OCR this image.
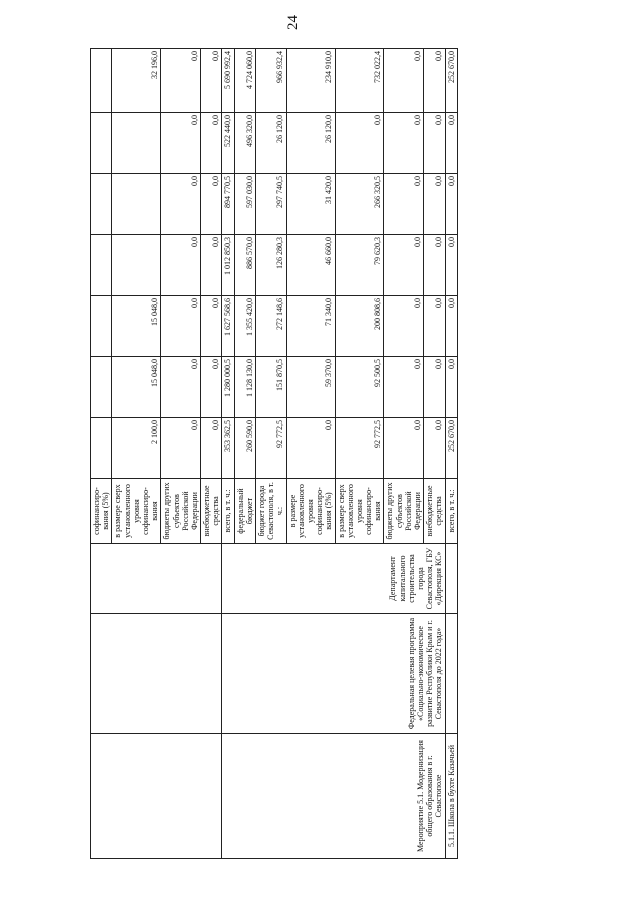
24
			софинансиро-вания (5%)							
			в размере сверх установленного уровня софинансиро-вания	2 100,0	15 048,0	15 048,0				32 196,0
			бюджеты других субъектов Российской Федерации	0,0	0,0	0,0	0,0	0,0	0,0	0,0
			внебюджетные средства	0,0	0,0	0,0	0,0	0,0	0,0	0,0
Мероприятие 5.1. Модернизация общего образования в г. Севастополе	Федеральная целевая программа «Социально-экономическое развитие Республики Крым и г. Севастополя до 2022 года»	Департамент капитального строительства города Севастополя, ГБУ «Дирекция КС»	всего, в т. ч.:	353 362,5	1 280 000,5	1 627 568,6	1 012 850,3	894 770,5	522 440,0	5 690 992,4
			федеральный бюджет	260 590,0	1 128 130,0	1 355 420,0	886 570,0	597 030,0	496 320,0	4 724 060,0
			бюджет города Севастополя, в т. ч.:	92 772,5	151 870,5	272 148,6	126 280,3	297 740,5	26 120,0	966 932,4
			в размере установленного уровня софинансиро-вания (5%)	0,0	59 370,0	71 340,0	46 660,0	31 420,0	26 120,0	234 910,0
			в размере сверх установленного уровня софинансиро-вания	92 772,5	92 500,5	200 808,6	79 620,3	266 320,5	0,0	732 022,4
			бюджеты других субъектов Российской Федерации	0,0	0,0	0,0	0,0	0,0	0,0	0,0
			внебюджетные средства	0,0	0,0	0,0	0,0	0,0	0,0	0,0
5.1.1. Школа в бухте Казачьей			всего, в т. ч.:	252 670,0	0,0	0,0	0,0	0,0	0,0	252 670,0
